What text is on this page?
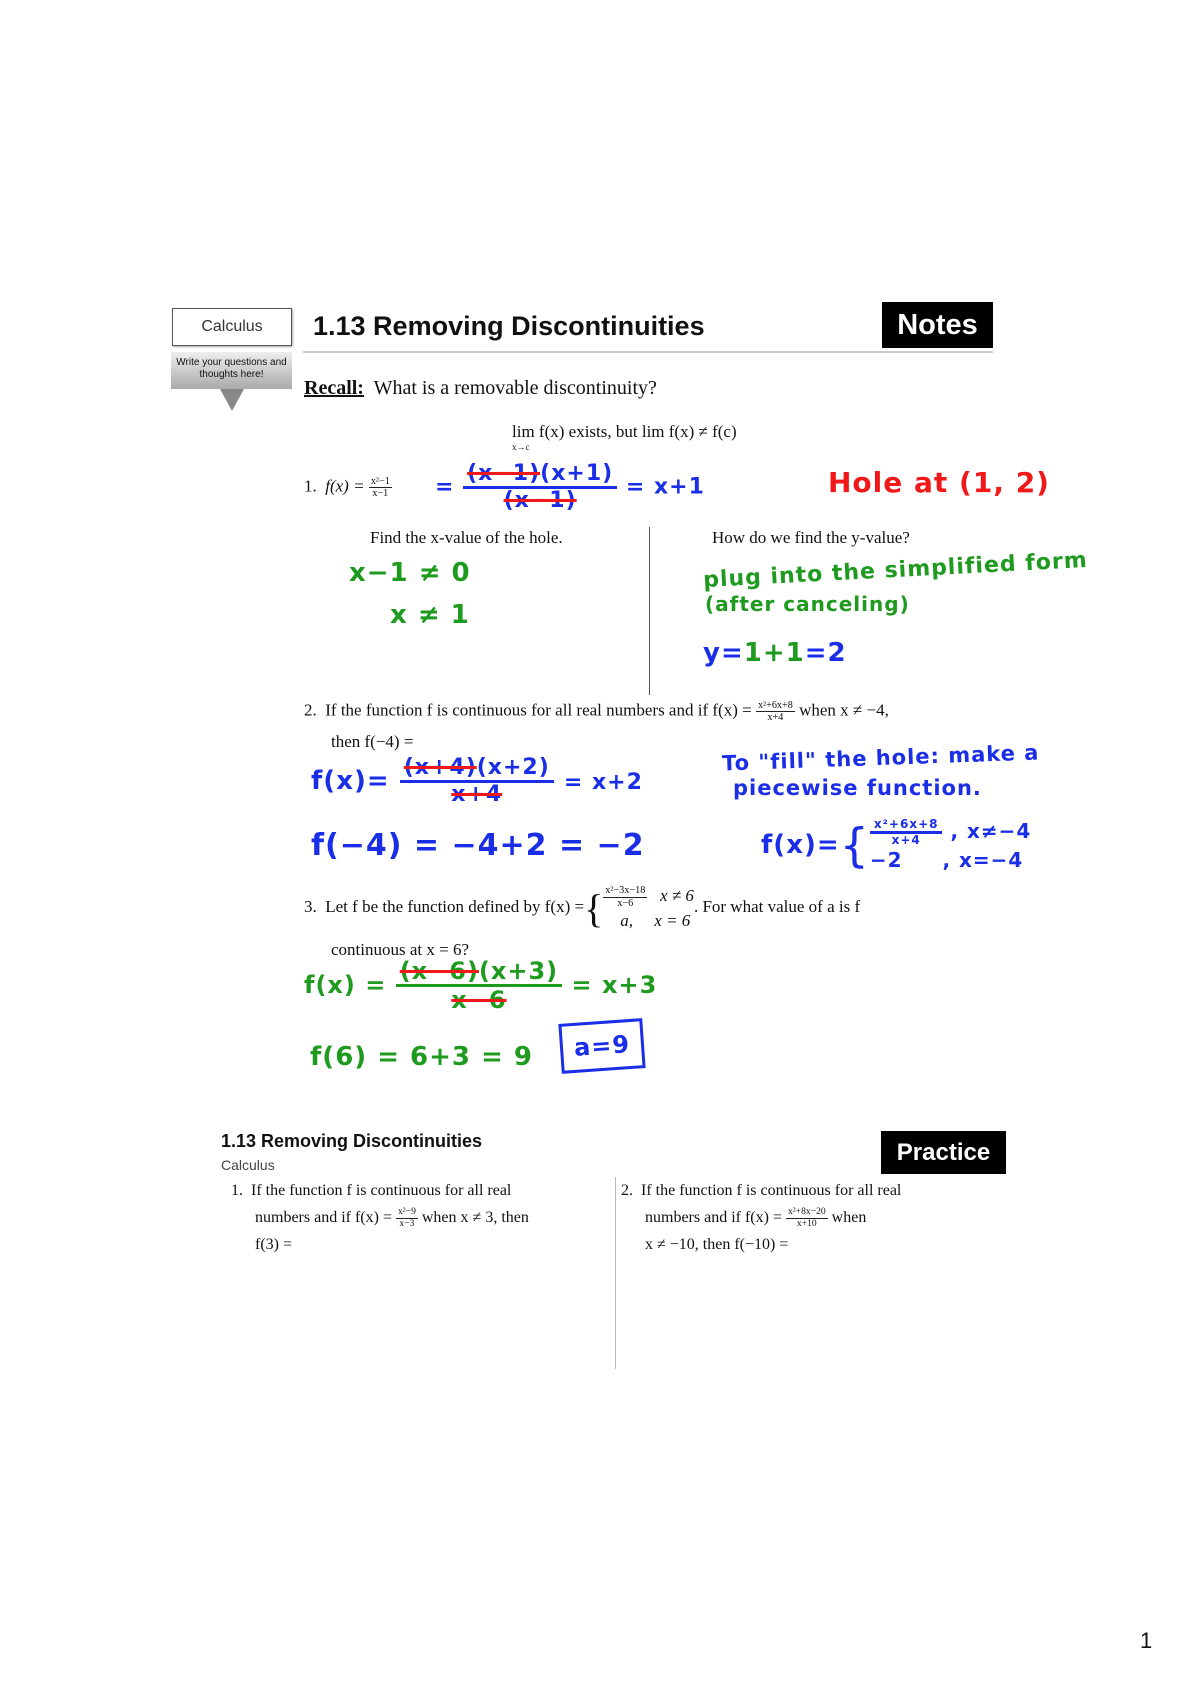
Calculus
Write your questions and thoughts here!
1.13 Removing Discontinuities	Notes
Recall: What is a removable discontinuity?
lim f(x) exists, but lim f(x) ≠ f(c)
x→c
1. $f(x) = \frac{\text{x²−1}}{x-1} = \frac{(x-1)(x+1)}{(x-1)} = x+1$	Hole at (1, 2)
Find the x-value of the hole.	How do we find the y-value?
x−1 ≠ 0
x ≠ 1
plug into the simplified form
(after canceling)
y=1+1=2
2. If the function f is continuous for all real numbers and if $f(x) = \frac{\text{x²+6x+8}}{x+4}$ when x ≠ −4,
then f(−4) =
$f(x)= \frac{(x+4)(x+2)}{x+4} = x+2$
f(−4) = −4+2 = −2
To "fill" the hole: make a
piecewise function.
$f(x)=\{ \frac{\text{x²+6x+8}}{x+4}$ , x≠−4
−2 , x=−4
3. Let f be the function defined by f(x) ={ $\frac{\text{x²−3x−18}}{x-6}$ x ≠ 6
a, x = 6
. For what value of a is f
continuous at x = 6?
$f(x) = \frac{(x-6)(x+3)}{x-6} = x+3$
f(6) = 6+3 = 9	a=9
1.13 Removing Discontinuities
Calculus	Practice
1. If the function f is continuous for all real
numbers and if $f(x) = \frac{\text{x²−9}}{x-3}$ when x ≠ 3, then
f(3) =
2. If the function f is continuous for all real
numbers and if $f(x) = \frac{\text{x²+8x−20}}{x+10}$ when
x ≠ −10, then f(−10) =
1
